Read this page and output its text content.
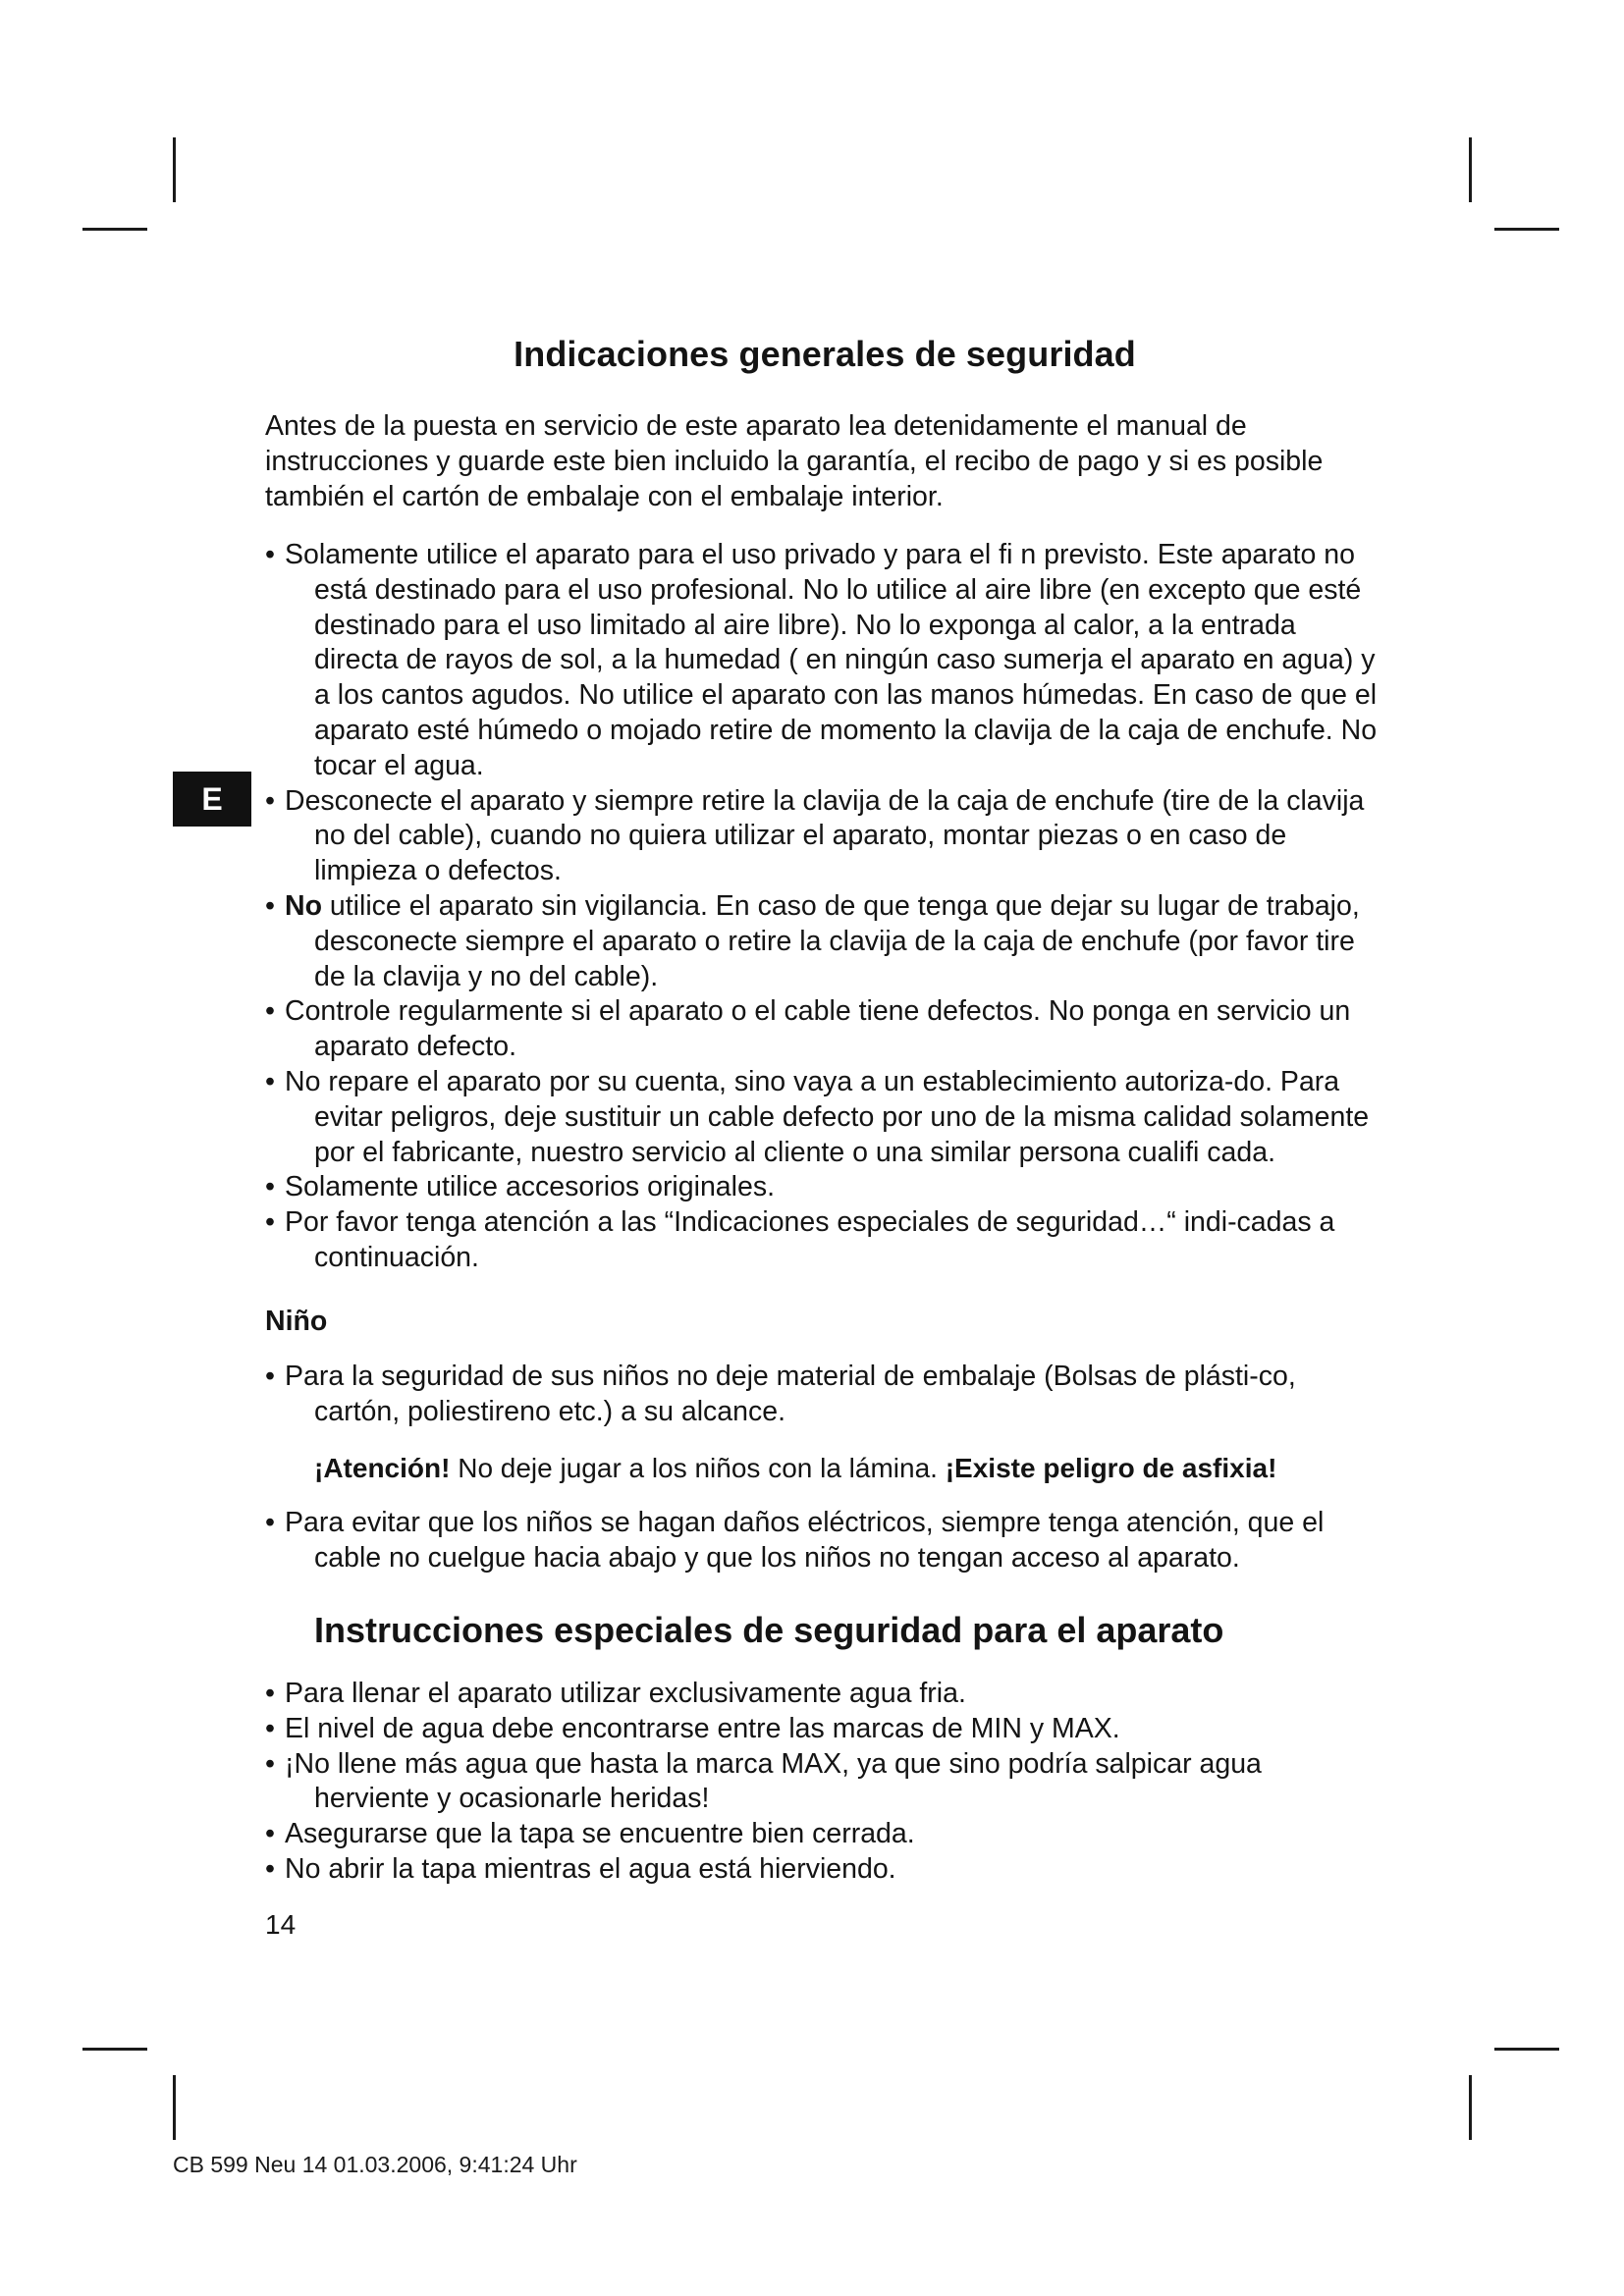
E
Indicaciones generales de seguridad

Antes de la puesta en servicio de este aparato lea detenidamente el manual de instrucciones y guarde este bien incluido la garantía, el recibo de pago y si es posible también el cartón de embalaje con el embalaje interior.

• Solamente utilice el aparato para el uso privado y para el fi n previsto. Este aparato no está destinado para el uso profesional. No lo utilice al aire libre (en excepto que esté destinado para el uso limitado al aire libre). No lo exponga al calor, a la entrada directa de rayos de sol, a la humedad ( en ningún caso sumerja el aparato en agua) y a los cantos agudos. No utilice el aparato con las manos húmedas. En caso de que el aparato esté húmedo o mojado retire de momento la clavija de la caja de enchufe. No tocar el agua.
• Desconecte el aparato y siempre retire la clavija de la caja de enchufe (tire de la clavija no del cable), cuando no quiera utilizar el aparato, montar piezas o en caso de limpieza o defectos.
• No utilice el aparato sin vigilancia. En caso de que tenga que dejar su lugar de trabajo, desconecte siempre el aparato o retire la clavija de la caja de enchufe (por favor tire de la clavija y no del cable).
• Controle regularmente si el aparato o el cable tiene defectos. No ponga en servicio un aparato defecto.
• No repare el aparato por su cuenta, sino vaya a un establecimiento autoriza-do. Para evitar peligros, deje sustituir un cable defecto por uno de la misma calidad solamente por el fabricante, nuestro servicio al cliente o una similar persona cualifi cada.
• Solamente utilice accesorios originales.
• Por favor tenga atención a las “Indicaciones especiales de seguridad…“ indi-cadas a continuación.
Niño
• Para la seguridad de sus niños no deje material de embalaje (Bolsas de plásti-co, cartón, poliestireno etc.) a su alcance.

¡Atención! No deje jugar a los niños con la lámina. ¡Existe peligro de asfixia!

• Para evitar que los niños se hagan daños eléctricos, siempre tenga atención, que el cable no cuelgue hacia abajo y que los niños no tengan acceso al aparato.
Instrucciones especiales de seguridad para el aparato
• Para llenar el aparato utilizar exclusivamente agua fria.
• El nivel de agua debe encontrarse entre las marcas de MIN y MAX.
• ¡No llene más agua que hasta la marca MAX, ya que sino podría salpicar agua herviente y ocasionarle heridas!
• Asegurarse que la tapa se encuentre bien cerrada.
• No abrir la tapa mientras el agua está hierviendo.
14
CB 599 Neu 14 01.03.2006, 9:41:24 Uhr
